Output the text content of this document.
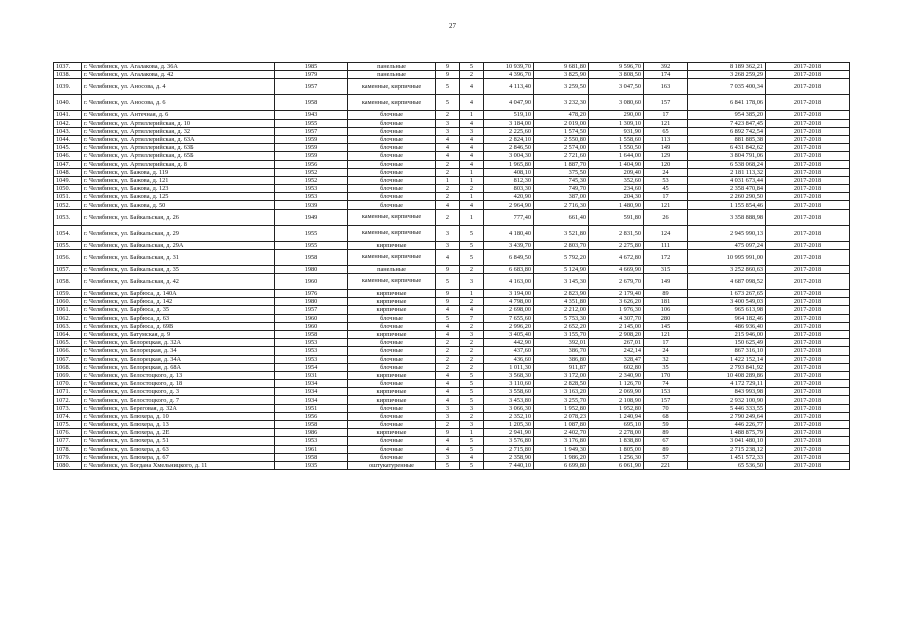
27
1037.	г. Челябинск, ул. Агалакова, д. 36А	1985	панельные	9	5	10 939,70	9 681,80	9 596,70	392	8 189 362,21	2017-2018
1038.	г. Челябинск, ул. Агалакова, д. 42	1979	панельные	9	2	4 396,70	3 825,90	3 808,50	174	3 268 259,29	2017-2018
1039.	г. Челябинск, ул. Аносова, д. 4	1957	каменные, кирпичные	5	4	4 113,40	3 259,50	3 047,50	163	7 035 400,34	2017-2018
1040.	г. Челябинск, ул. Аносова, д. 6	1958	каменные, кирпичные	5	4	4 047,90	3 232,30	3 080,60	157	6 841 178,06	2017-2018
1041.	г. Челябинск, ул. Антечная, д. 6	1943	блочные	2	1	519,10	478,20	290,00	17	954 385,20	2017-2018
1042.	г. Челябинск, ул. Артиллерийская, д. 10	1955	блочные	3	4	3 184,00	2 019,00	1 309,10	121	7 423 847,45	2017-2018
1043.	г. Челябинск, ул. Артиллерийская, д. 32	1957	блочные	3	3	2 225,60	1 574,50	931,90	65	6 892 742,54	2017-2018
1044.	г. Челябинск, ул. Артиллерийская, д. 63А	1959	блочные	4	4	2 824,10	2 550,80	1 558,60	113	881 885,38	2017-2018
1045.	г. Челябинск, ул. Артиллерийская, д. 63Б	1959	блочные	4	4	2 846,50	2 574,00	1 550,50	149	6 431 842,62	2017-2018
1046.	г. Челябинск, ул. Артиллерийская, д. 65Б	1959	блочные	4	4	3 004,30	2 721,60	1 644,00	129	3 804 791,06	2017-2018
1047.	г. Челябинск, ул. Артиллерийская, д. 8	1956	блочные	2	4	1 965,80	1 887,70	1 404,90	120	6 538 068,24	2017-2018
1048.	г. Челябинск, ул. Бажова, д. 119	1952	блочные	2	1	408,10	375,50	209,40	24	2 181 113,32	2017-2018
1049.	г. Челябинск, ул. Бажова, д. 121	1952	блочные	1	1	812,30	745,30	352,60	53	4 031 673,44	2017-2018
1050.	г. Челябинск, ул. Бажова, д. 123	1953	блочные	2	2	803,30	749,70	234,60	45	2 358 470,84	2017-2018
1051.	г. Челябинск, ул. Бажова, д. 125	1953	блочные	2	1	420,90	387,00	204,30	17	2 260 290,50	2017-2018
1052.	г. Челябинск, ул. Бажова, д. 50	1939	блочные	4	4	2 964,90	2 716,30	1 480,90	121	1 155 854,46	2017-2018
1053.	г. Челябинск, ул. Байкальская, д. 26	1949	каменные, кирпичные	2	1	777,40	661,40	591,80	26	3 358 888,98	2017-2018
1054.	г. Челябинск, ул. Байкальская, д. 29	1955	каменные, кирпичные	3	5	4 180,40	3 521,80	2 831,50	124	2 945 990,13	2017-2018
1055.	г. Челябинск, ул. Байкальская, д. 29А	1955	кирпичные	3	5	3 439,70	2 803,70	2 275,80	111	475 097,24	2017-2018
1056.	г. Челябинск, ул. Байкальская, д. 31	1958	каменные, кирпичные	4	5	6 849,50	5 792,20	4 672,80	172	10 995 991,00	2017-2018
1057.	г. Челябинск, ул. Байкальская, д. 35	1980	панельные	9	2	6 683,80	5 124,90	4 669,90	315	3 252 860,63	2017-2018
1058.	г. Челябинск, ул. Байкальская, д. 42	1960	каменные, кирпичные	5	3	4 163,00	3 145,30	2 679,70	149	4 687 098,52	2017-2018
1059.	г. Челябинск, ул. Барбюса, д. 140А	1976	кирпичные	9	1	3 194,00	2 823,90	2 179,40	89	1 673 267,65	2017-2018
1060.	г. Челябинск, ул. Барбюса, д. 142	1980	кирпичные	9	2	4 798,00	4 351,80	3 626,20	181	3 400 549,03	2017-2018
1061.	г. Челябинск, ул. Барбюса, д. 35	1957	кирпичные	4	4	2 698,00	2 212,00	1 976,30	106	965 613,98	2017-2018
1062.	г. Челябинск, ул. Барбюса, д. 63	1960	блочные	5	7	7 655,60	5 753,30	4 307,70	280	964 182,46	2017-2018
1063.	г. Челябинск, ул. Барбюса, д. 69В	1960	блочные	4	2	2 996,20	2 652,20	2 145,00	145	486 936,40	2017-2018
1064.	г. Челябинск, ул. Батумская, д. 9	1958	кирпичные	4	3	3 405,40	3 155,70	2 908,20	121	215 946,00	2017-2018
1065.	г. Челябинск, ул. Белорецкая, д. 32А	1953	блочные	2	2	442,90	392,01	267,01	17	150 625,49	2017-2018
1066.	г. Челябинск, ул. Белорецкая, д. 34	1953	блочные	2	2	437,60	386,70	242,14	24	867 316,10	2017-2018
1067.	г. Челябинск, ул. Белорецкая, д. 34А	1953	блочные	2	2	436,60	386,80	328,47	32	1 422 152,14	2017-2018
1068.	г. Челябинск, ул. Белорецкая, д. 68А	1954	блочные	2	2	1 011,30	911,87	602,80	35	2 793 841,92	2017-2018
1069.	г. Челябинск, ул. Белостоцкого, д. 13	1931	кирпичные	4	5	3 568,30	3 172,00	2 340,90	170	10 408 289,86	2017-2018
1070.	г. Челябинск, ул. Белостоцкого, д. 18	1934	блочные	4	5	3 110,60	2 828,50	1 126,70	74	4 172 729,11	2017-2018
1071.	г. Челябинск, ул. Белостоцкого, д. 3	1934	кирпичные	4	5	3 558,60	3 163,20	2 069,90	153	843 993,98	2017-2018
1072.	г. Челябинск, ул. Белостоцкого, д. 7	1934	кирпичные	4	5	3 453,80	3 255,70	2 108,90	157	2 932 100,90	2017-2018
1073.	г. Челябинск, ул. Береговая, д. 32А	1951	блочные	3	3	3 066,30	1 952,80	1 952,80	70	5 446 333,55	2017-2018
1074.	г. Челябинск, ул. Блюхера, д. 10	1956	блочные	3	2	2 352,10	2 078,23	1 240,94	68	2 790 249,64	2017-2018
1075.	г. Челябинск, ул. Блюхера, д. 13	1958	блочные	2	3	1 205,30	1 087,80	695,10	59	446 226,77	2017-2018
1076.	г. Челябинск, ул. Блюхера, д. 2Е	1986	кирпичные	9	1	2 941,90	2 402,70	2 278,00	89	1 488 875,79	2017-2018
1077.	г. Челябинск, ул. Блюхера, д. 51	1953	блочные	4	5	3 576,80	3 176,80	1 838,80	67	3 041 480,10	2017-2018
1078.	г. Челябинск, ул. Блюхера, д. 63	1961	блочные	4	5	2 715,80	1 949,30	1 805,00	89	2 715 238,12	2017-2018
1079.	г. Челябинск, ул. Блюхера, д. 67	1958	блочные	3	4	2 358,90	1 986,20	1 256,30	57	1 451 572,33	2017-2018
1080.	г. Челябинск, ул. Богдана Хмельницкого, д. 11	1935	оштукатуренные	5	5	7 440,10	6 699,80	6 061,90	221	65 536,50	2017-2018
